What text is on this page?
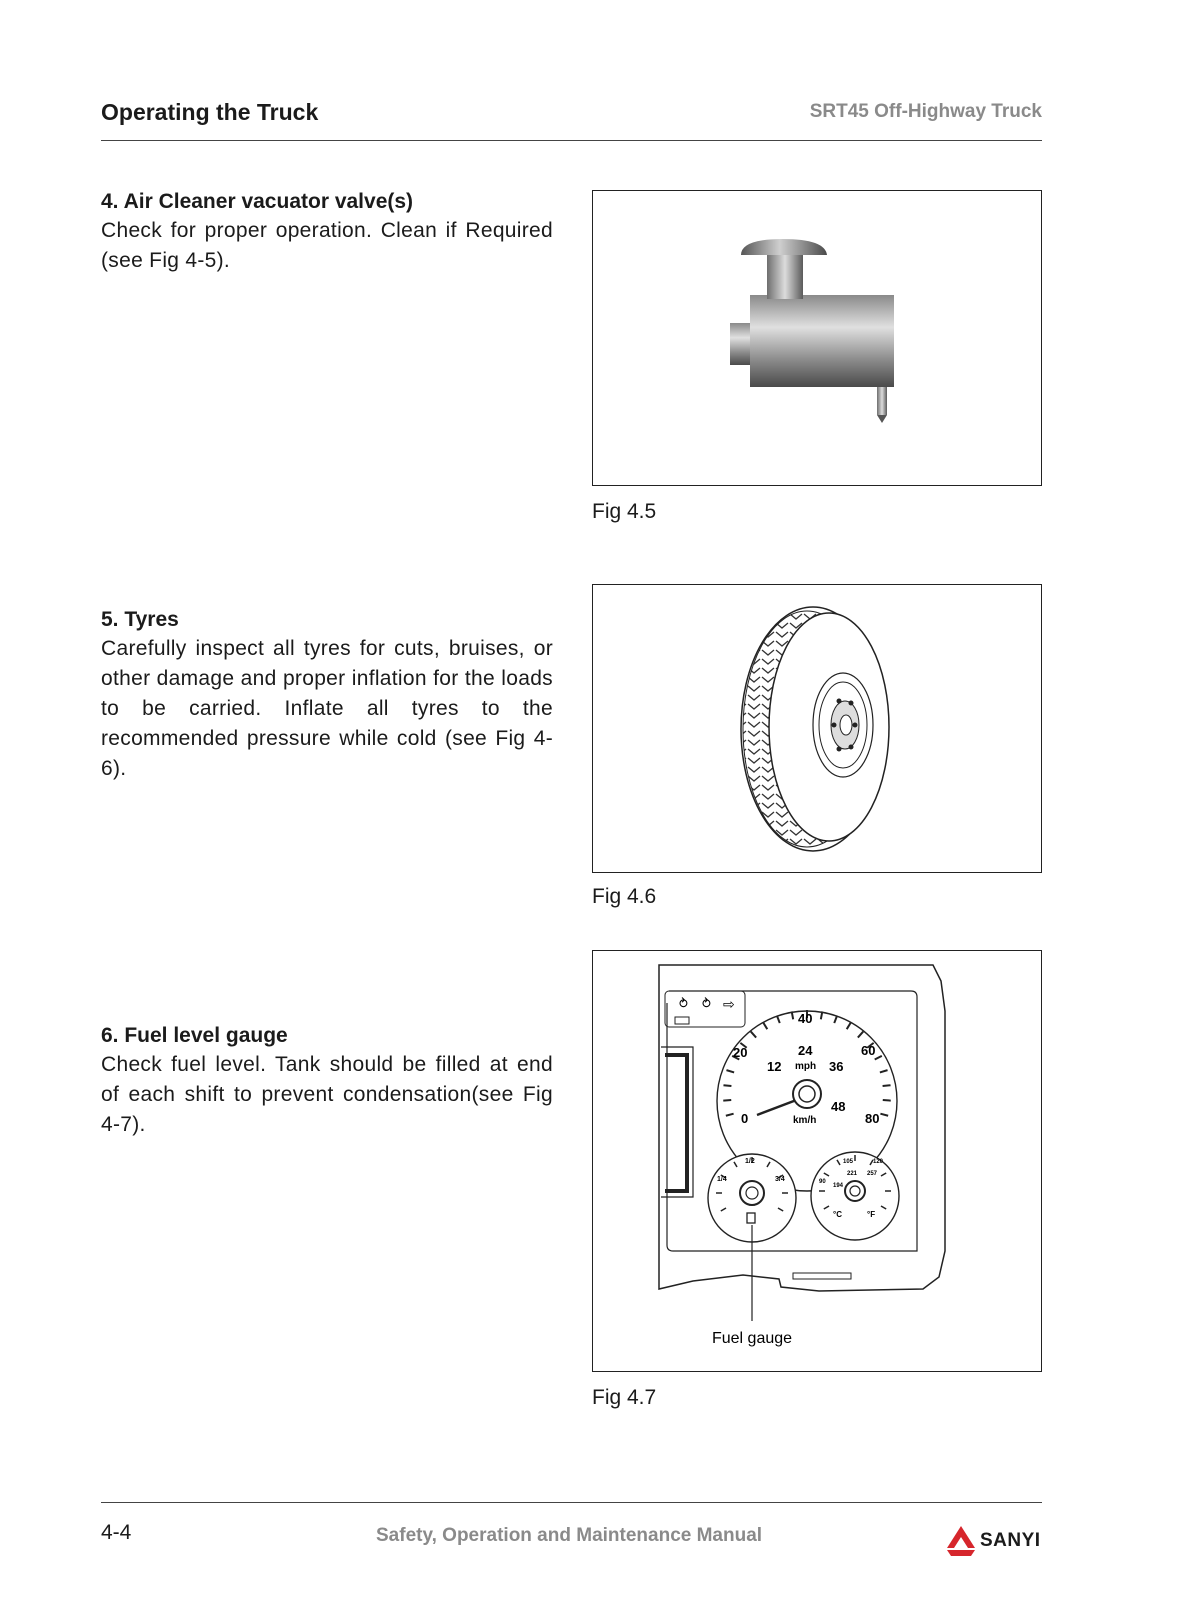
Operating the Truck	SRT45 Off-Highway Truck
4. Air Cleaner vacuator valve(s)
Check for proper operation. Clean if Required (see Fig 4-5).
Fig 4.5
5. Tyres
Carefully inspect all tyres for cuts, bruises, or other damage and proper inflation for the loads to be carried. Inflate all tyres to the recommended pressure while cold (see Fig 4-6).
Fig 4.6
6. Fuel level gauge
Check fuel level. Tank should be filled at end of each shift to prevent condensation(see Fig 4-7).
⥁ ⥁ ⇨
0
20
40
60
80
12
24
36
48
mph
km/h
1/4
1/2
3/4	90
105	120
194
221 257
°C	°F
Fuel gauge
Fig 4.7
4-4	Safety, Operation and Maintenance Manual	SANYI
